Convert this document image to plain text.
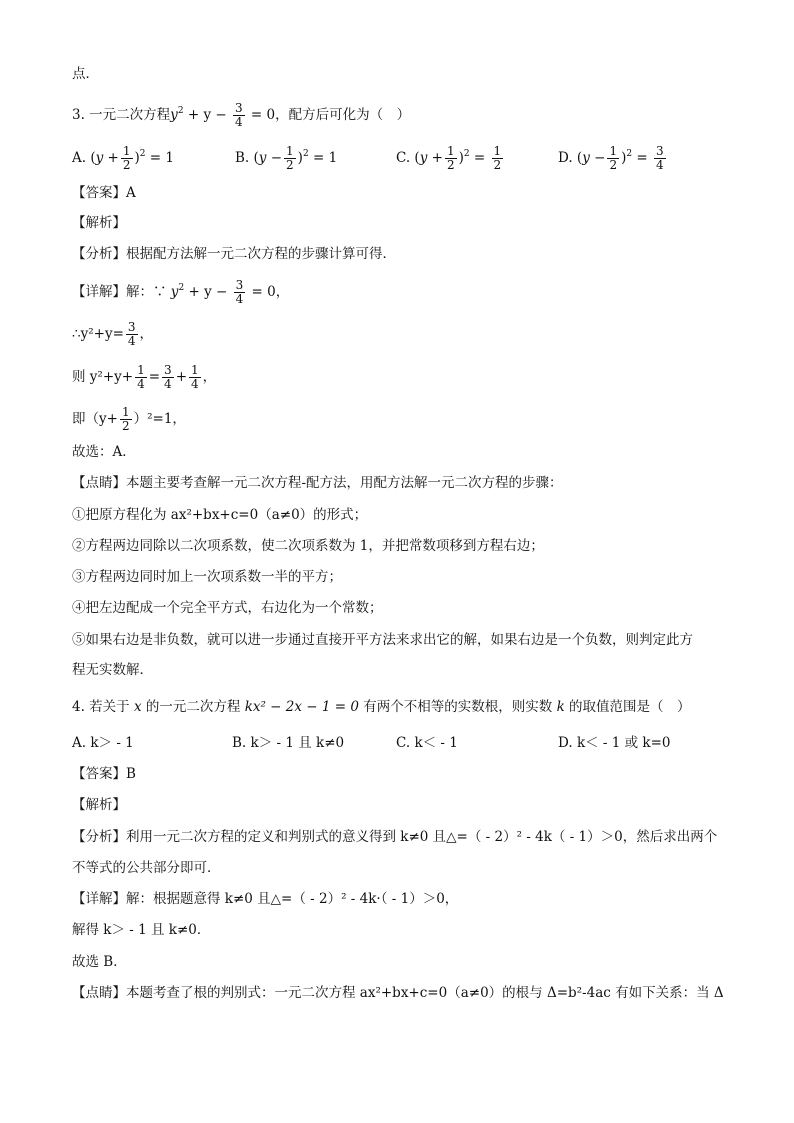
点．
3. 一元二次方程$y^2 + y - \frac{3}{4} = 0$，配方后可化为（　）
A. $(y + \frac{1}{2} )^2 = 1$	B. $(y - \frac{1}{2} )^2 = 1$	C. $(y + \frac{1}{2} )^2 = \frac{1}{2}$	D. $(y - \frac{1}{2} )^2 = \frac{3}{4}$
【答案】A
【解析】
【分析】根据配方法解一元二次方程的步骤计算可得．
【详解】解：∵ $y^2 + y - \frac{3}{4} = 0$，
∴y²+y= $\frac{3}{4}$ ，
则 $y^2+y+ \frac{1}{4} = \frac{3}{4} + \frac{1}{4}$ ，
即$(y+ \frac{1}{2} )^2=1$，
故选：A．
【点睛】本题主要考查解一元二次方程-配方法，用配方法解一元二次方程的步骤：
①把原方程化为 ax²+bx+c=0（a≠0）的形式；
②方程两边同除以二次项系数，使二次项系数为 1，并把常数项移到方程右边；
③方程两边同时加上一次项系数一半的平方；
④把左边配成一个完全平方式，右边化为一个常数；
⑤如果右边是非负数，就可以进一步通过直接开平方法来求出它的解，如果右边是一个负数，则判定此方
程无实数解．
4. 若关于 x 的一元二次方程 kx² − 2x − 1 = 0 有两个不相等的实数根，则实数 k 的取值范围是（　）
A. k＞ - 1	B. k＞ - 1 且 k≠0	C. k＜ - 1	D. k＜ - 1 或 k=0
【答案】B
【解析】
【分析】利用一元二次方程的定义和判别式的意义得到 k≠0 且△=（ - 2）² - 4k（ - 1）＞0，然后求出两个
不等式的公共部分即可．
【详解】解：根据题意得 k≠0 且△=（ - 2）² - 4k·（ - 1）＞0，
解得 k＞ - 1 且 k≠0．
故选 B．
【点睛】本题考查了根的判别式：一元二次方程 ax²+bx+c=0（a≠0）的根与 Δ=b²-4ac 有如下关系：当 Δ
